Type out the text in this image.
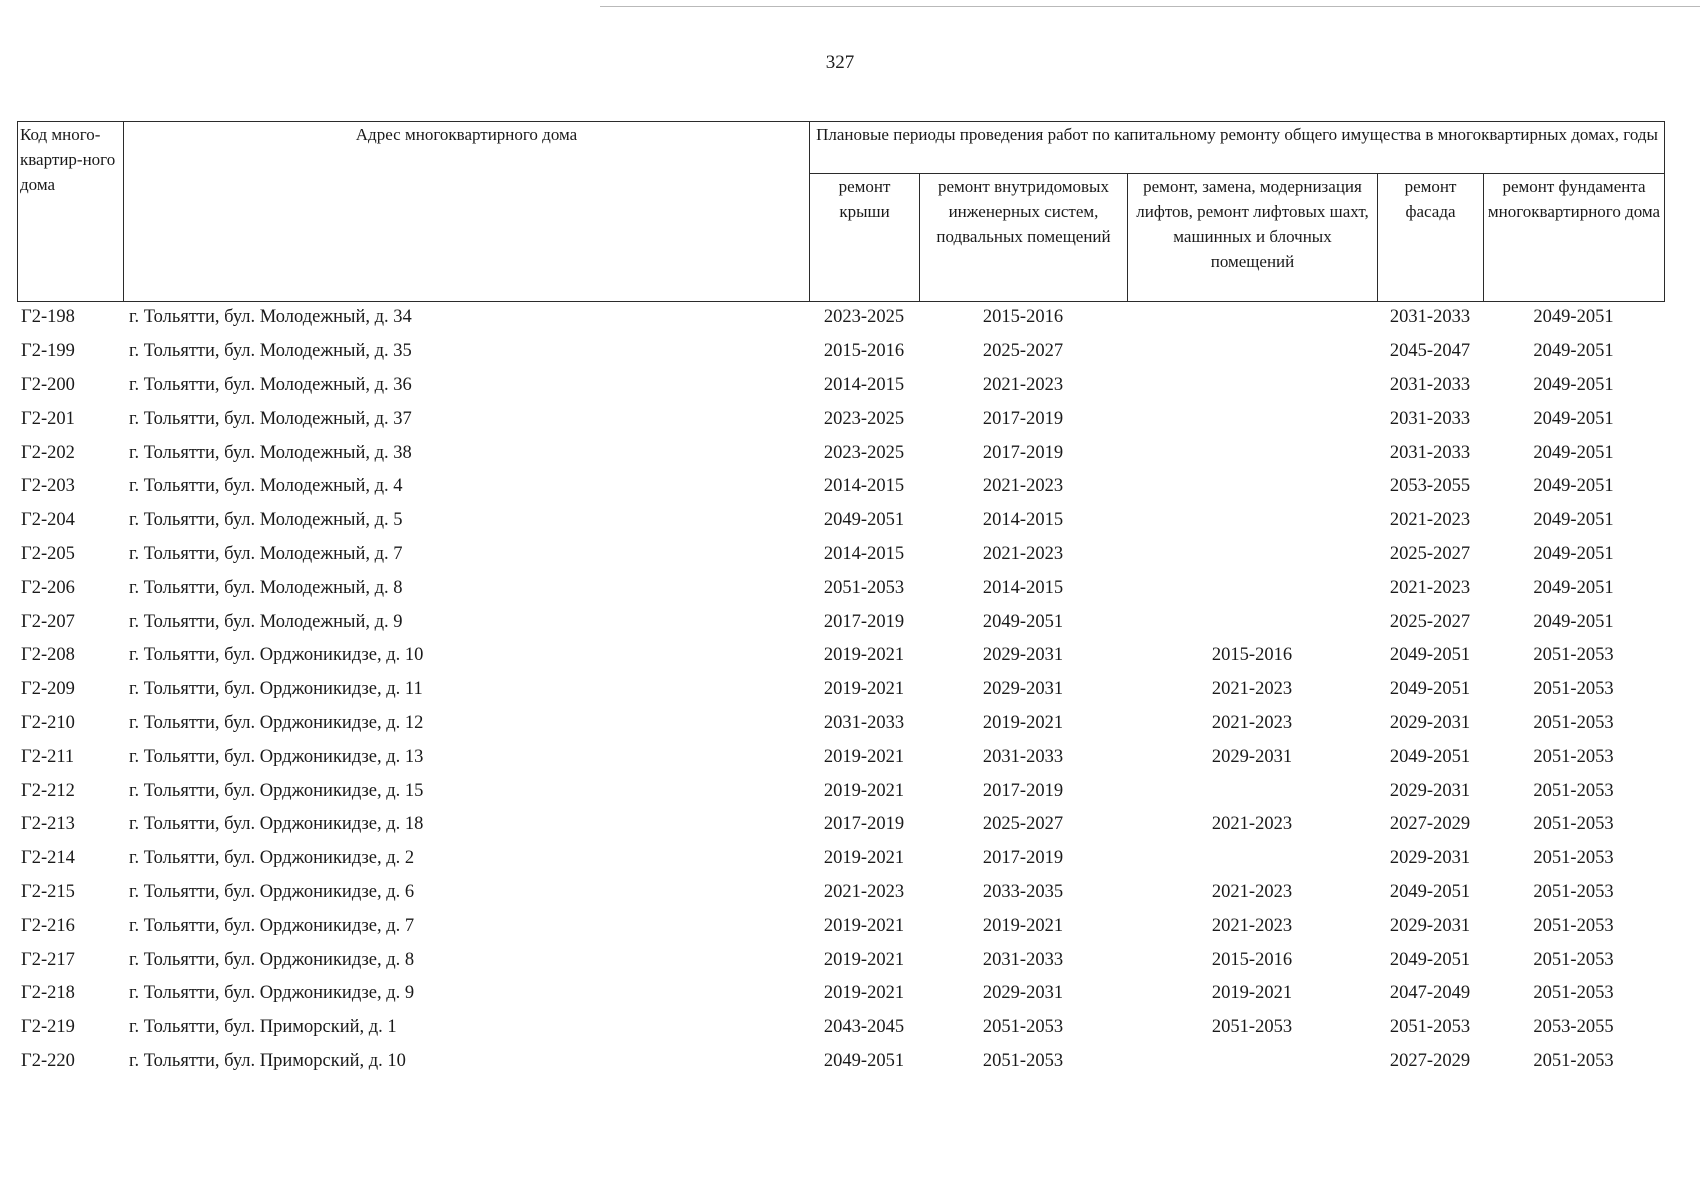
327
Код много-квартир-ного дома	Адрес многоквартирного дома	Плановые периоды проведения работ по капитальному ремонту общего имущества в многоквартирных домах, годы				
		ремонт крыши	ремонт внутридомовых инженерных систем, подвальных помещений	ремонт, замена, модернизация лифтов, ремонт лифтовых шахт, машинных и блочных помещений	ремонт фасада	ремонт фундамента многоквартирного дома
Г2-198	г. Тольятти, бул. Молодежный, д. 34	2023-2025	2015-2016		2031-2033	2049-2051
Г2-199	г. Тольятти, бул. Молодежный, д. 35	2015-2016	2025-2027		2045-2047	2049-2051
Г2-200	г. Тольятти, бул. Молодежный, д. 36	2014-2015	2021-2023		2031-2033	2049-2051
Г2-201	г. Тольятти, бул. Молодежный, д. 37	2023-2025	2017-2019		2031-2033	2049-2051
Г2-202	г. Тольятти, бул. Молодежный, д. 38	2023-2025	2017-2019		2031-2033	2049-2051
Г2-203	г. Тольятти, бул. Молодежный, д. 4	2014-2015	2021-2023		2053-2055	2049-2051
Г2-204	г. Тольятти, бул. Молодежный, д. 5	2049-2051	2014-2015		2021-2023	2049-2051
Г2-205	г. Тольятти, бул. Молодежный, д. 7	2014-2015	2021-2023		2025-2027	2049-2051
Г2-206	г. Тольятти, бул. Молодежный, д. 8	2051-2053	2014-2015		2021-2023	2049-2051
Г2-207	г. Тольятти, бул. Молодежный, д. 9	2017-2019	2049-2051		2025-2027	2049-2051
Г2-208	г. Тольятти, бул. Орджоникидзе, д. 10	2019-2021	2029-2031	2015-2016	2049-2051	2051-2053
Г2-209	г. Тольятти, бул. Орджоникидзе, д. 11	2019-2021	2029-2031	2021-2023	2049-2051	2051-2053
Г2-210	г. Тольятти, бул. Орджоникидзе, д. 12	2031-2033	2019-2021	2021-2023	2029-2031	2051-2053
Г2-211	г. Тольятти, бул. Орджоникидзе, д. 13	2019-2021	2031-2033	2029-2031	2049-2051	2051-2053
Г2-212	г. Тольятти, бул. Орджоникидзе, д. 15	2019-2021	2017-2019		2029-2031	2051-2053
Г2-213	г. Тольятти, бул. Орджоникидзе, д. 18	2017-2019	2025-2027	2021-2023	2027-2029	2051-2053
Г2-214	г. Тольятти, бул. Орджоникидзе, д. 2	2019-2021	2017-2019		2029-2031	2051-2053
Г2-215	г. Тольятти, бул. Орджоникидзе, д. 6	2021-2023	2033-2035	2021-2023	2049-2051	2051-2053
Г2-216	г. Тольятти, бул. Орджоникидзе, д. 7	2019-2021	2019-2021	2021-2023	2029-2031	2051-2053
Г2-217	г. Тольятти, бул. Орджоникидзе, д. 8	2019-2021	2031-2033	2015-2016	2049-2051	2051-2053
Г2-218	г. Тольятти, бул. Орджоникидзе, д. 9	2019-2021	2029-2031	2019-2021	2047-2049	2051-2053
Г2-219	г. Тольятти, бул. Приморский, д. 1	2043-2045	2051-2053	2051-2053	2051-2053	2053-2055
Г2-220	г. Тольятти, бул. Приморский, д. 10	2049-2051	2051-2053		2027-2029	2051-2053
